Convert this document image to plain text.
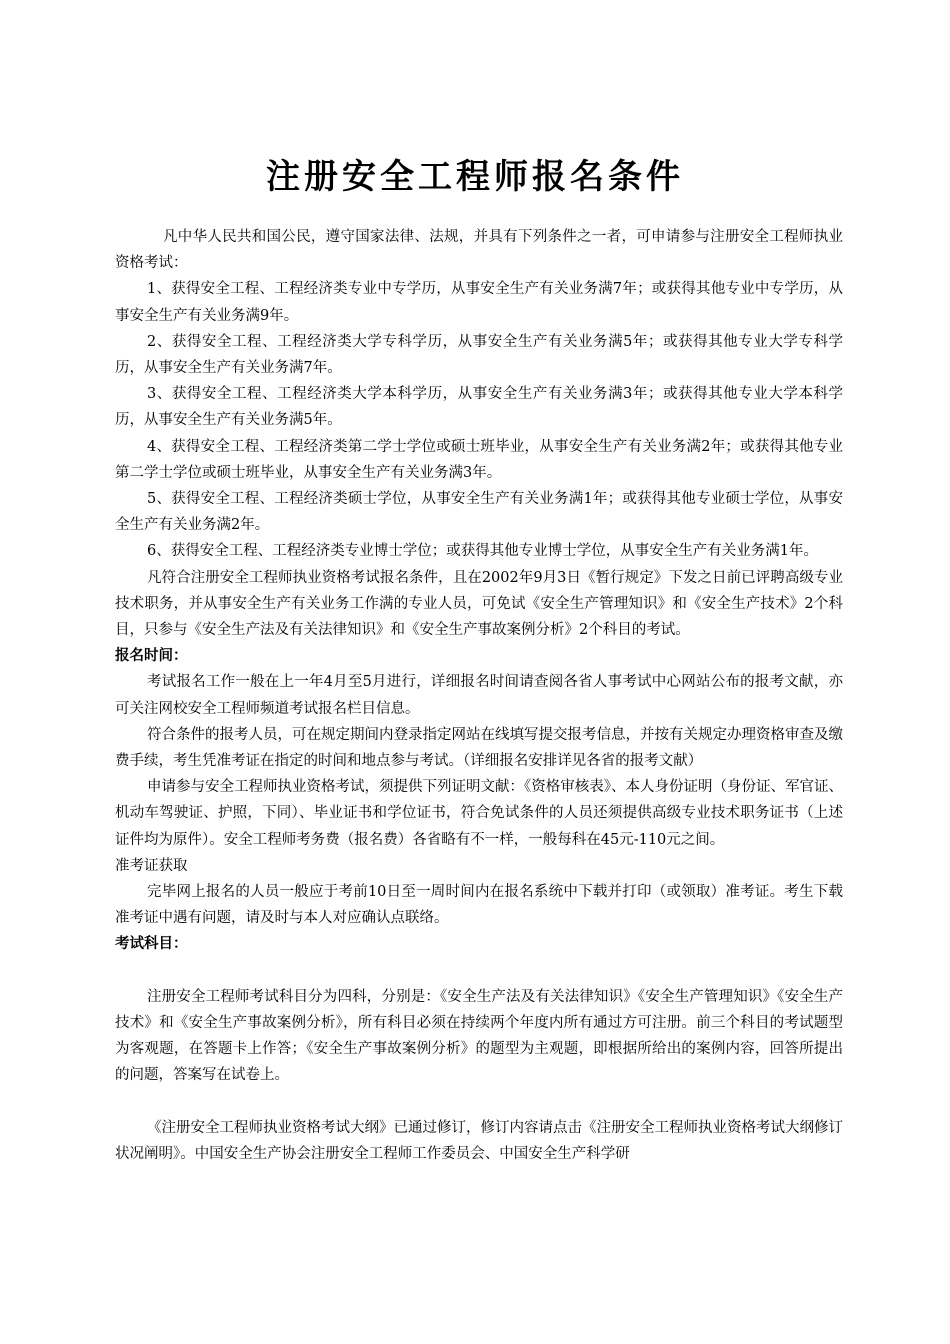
注册安全工程师报名条件

凡中华人民共和国公民，遵守国家法律、法规，并具有下列条件之一者，可申请参与注册安全工程师执业资格考试：

1、获得安全工程、工程经济类专业中专学历，从事安全生产有关业务满7年；或获得其他专业中专学历，从事安全生产有关业务满9年。

2、获得安全工程、工程经济类大学专科学历，从事安全生产有关业务满5年；或获得其他专业大学专科学历，从事安全生产有关业务满7年。

3、获得安全工程、工程经济类大学本科学历，从事安全生产有关业务满3年；或获得其他专业大学本科学历，从事安全生产有关业务满5年。

4、获得安全工程、工程经济类第二学士学位或硕士班毕业，从事安全生产有关业务满2年；或获得其他专业第二学士学位或硕士班毕业，从事安全生产有关业务满3年。

5、获得安全工程、工程经济类硕士学位，从事安全生产有关业务满1年；或获得其他专业硕士学位，从事安全生产有关业务满2年。

6、获得安全工程、工程经济类专业博士学位；或获得其他专业博士学位，从事安全生产有关业务满1年。

凡符合注册安全工程师执业资格考试报名条件，且在2002年9月3日《暂行规定》下发之日前已评聘高级专业技术职务，并从事安全生产有关业务工作满的专业人员，可免试《安全生产管理知识》和《安全生产技术》2个科目，只参与《安全生产法及有关法律知识》和《安全生产事故案例分析》2个科目的考试。

报名时间：

考试报名工作一般在上一年4月至5月进行，详细报名时间请查阅各省人事考试中心网站公布的报考文献，亦可关注网校安全工程师频道考试报名栏目信息。

符合条件的报考人员，可在规定期间内登录指定网站在线填写提交报考信息，并按有关规定办理资格审查及缴费手续，考生凭准考证在指定的时间和地点参与考试。（详细报名安排详见各省的报考文献）

申请参与安全工程师执业资格考试，须提供下列证明文献：《资格审核表》、本人身份证明（身份证、军官证、机动车驾驶证、护照，下同）、毕业证书和学位证书，符合免试条件的人员还须提供高级专业技术职务证书（上述证件均为原件）。安全工程师考务费（报名费）各省略有不一样，一般每科在45元-110元之间。

准考证获取

完毕网上报名的人员一般应于考前10日至一周时间内在报名系统中下载并打印（或领取）准考证。考生下载准考证中遇有问题，请及时与本人对应确认点联络。

考试科目：

注册安全工程师考试科目分为四科，分别是：《安全生产法及有关法律知识》《安全生产管理知识》《安全生产技术》和《安全生产事故案例分析》，所有科目必须在持续两个年度内所有通过方可注册。前三个科目的考试题型为客观题，在答题卡上作答；《安全生产事故案例分析》的题型为主观题，即根据所给出的案例内容，回答所提出的问题，答案写在试卷上。

《注册安全工程师执业资格考试大纲》已通过修订，修订内容请点击《注册安全工程师执业资格考试大纲修订状况阐明》。中国安全生产协会注册安全工程师工作委员会、中国安全生产科学研
